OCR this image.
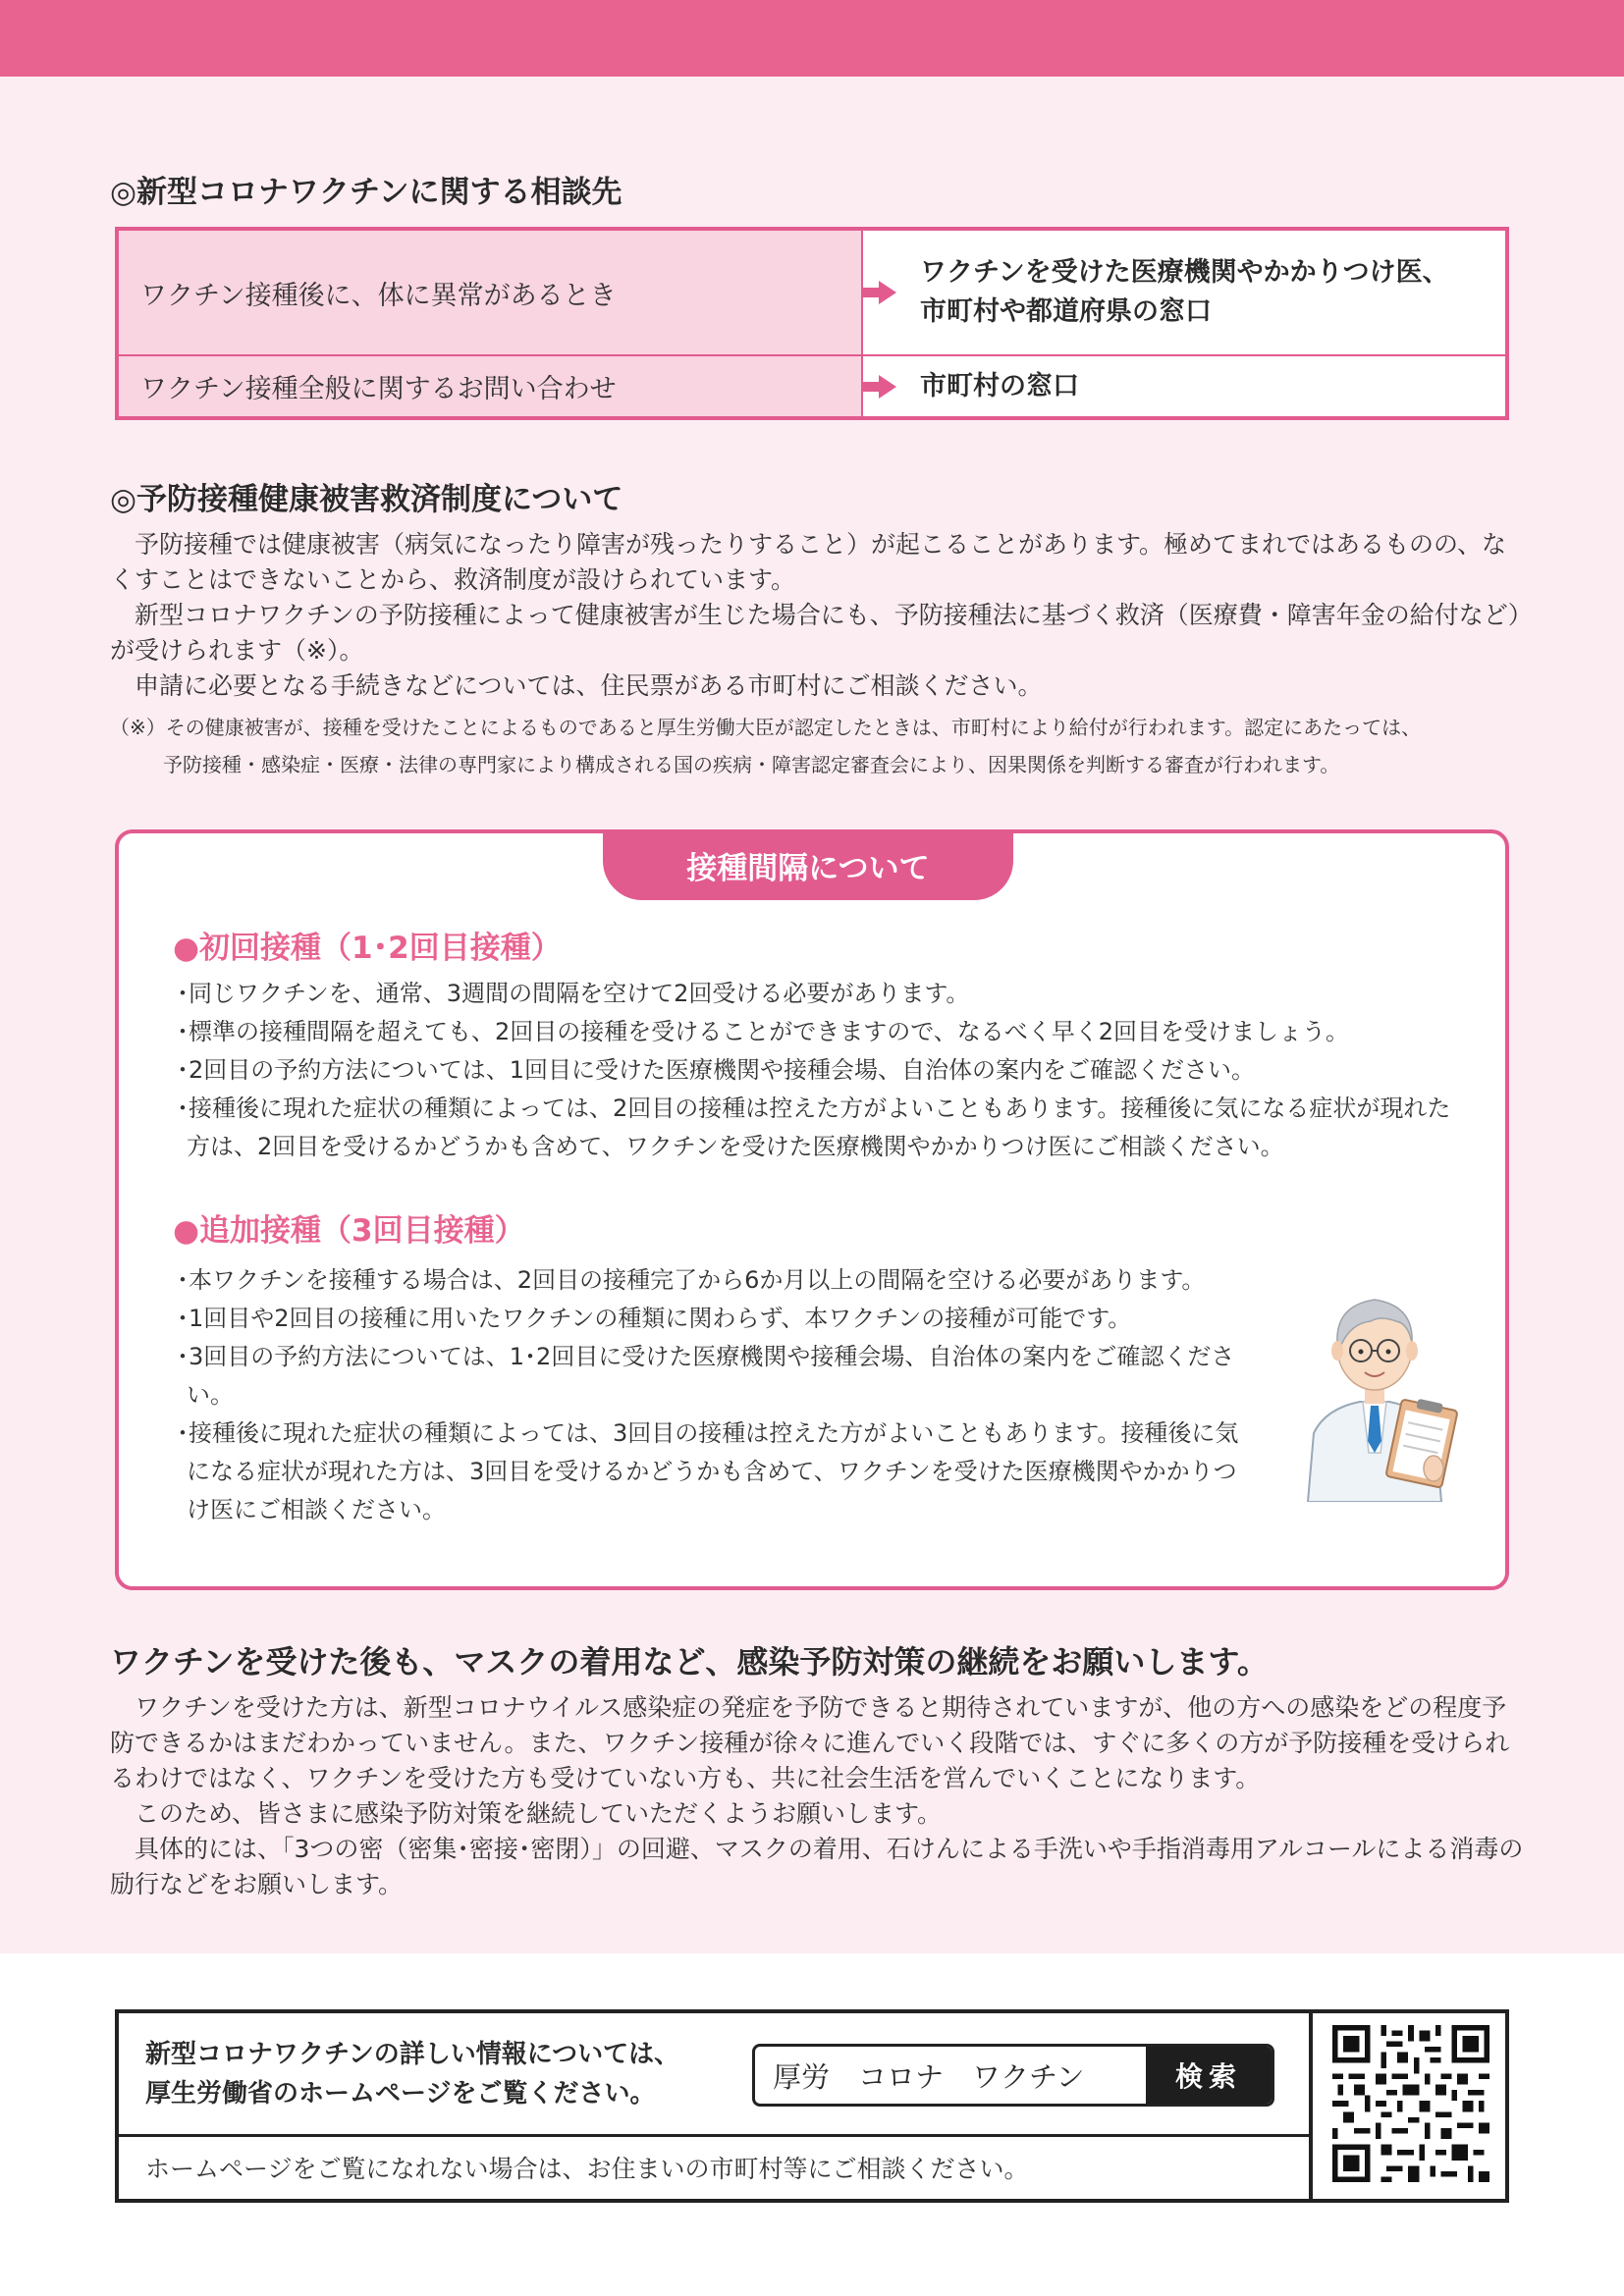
◎新型コロナワクチンに関する相談先
ワクチン接種後に、体に異常があるとき
ワクチンを受けた医療機関やかかりつけ医、
市町村や都道府県の窓口
ワクチン接種全般に関するお問い合わせ	市町村の窓口
◎予防接種健康被害救済制度について

予防接種では健康被害（病気になったり障害が残ったりすること）が起こることがあります。極めてまれではあるものの、なくすことはできないことから、救済制度が設けられています。

新型コロナワクチンの予防接種によって健康被害が生じた場合にも、予防接種法に基づく救済（医療費・障害年金の給付など）が受けられます（※）。

申請に必要となる手続きなどについては、住民票がある市町村にご相談ください。

（※）その健康被害が、接種を受けたことによるものであると厚生労働大臣が認定したときは、市町村により給付が行われます。認定にあたっては、

予防接種・感染症・医療・法律の専門家により構成される国の疾病・障害認定審査会により、因果関係を判断する審査が行われます。

接種間隔について
●初回接種（1･2回目接種）
･同じワクチンを、通常、3週間の間隔を空けて2回受ける必要があります。
･標準の接種間隔を超えても、2回目の接種を受けることができますので、なるべく早く2回目を受けましょう。
･2回目の予約方法については、1回目に受けた医療機関や接種会場、自治体の案内をご確認ください。
･接種後に現れた症状の種類によっては、2回目の接種は控えた方がよいこともあります。接種後に気になる症状が現れた方は、2回目を受けるかどうかも含めて、ワクチンを受けた医療機関やかかりつけ医にご相談ください。
●追加接種（3回目接種）
･本ワクチンを接種する場合は、2回目の接種完了から6か月以上の間隔を空ける必要があります。
･1回目や2回目の接種に用いたワクチンの種類に関わらず、本ワクチンの接種が可能です。
･3回目の予約方法については、1･2回目に受けた医療機関や接種会場、自治体の案内をご確認ください。
･接種後に現れた症状の種類によっては、3回目の接種は控えた方がよいこともあります。接種後に気になる症状が現れた方は、3回目を受けるかどうかも含めて、ワクチンを受けた医療機関やかかりつけ医にご相談ください。
ワクチンを受けた後も、マスクの着用など、感染予防対策の継続をお願いします。

ワクチンを受けた方は、新型コロナウイルス感染症の発症を予防できると期待されていますが、他の方への感染をどの程度予防できるかはまだわかっていません。また、ワクチン接種が徐々に進んでいく段階では、すぐに多くの方が予防接種を受けられるわけではなく、ワクチンを受けた方も受けていない方も、共に社会生活を営んでいくことになります。

このため、皆さまに感染予防対策を継続していただくようお願いします。

具体的には、「3つの密（密集･密接･密閉）」の回避、マスクの着用、石けんによる手洗いや手指消毒用アルコールによる消毒の励行などをお願いします。

新型コロナワクチンの詳しい情報については、

厚生労働省のホームページをご覧ください。

厚労　コロナ　ワクチン	検索
ホームページをご覧になれない場合は、お住まいの市町村等にご相談ください。
